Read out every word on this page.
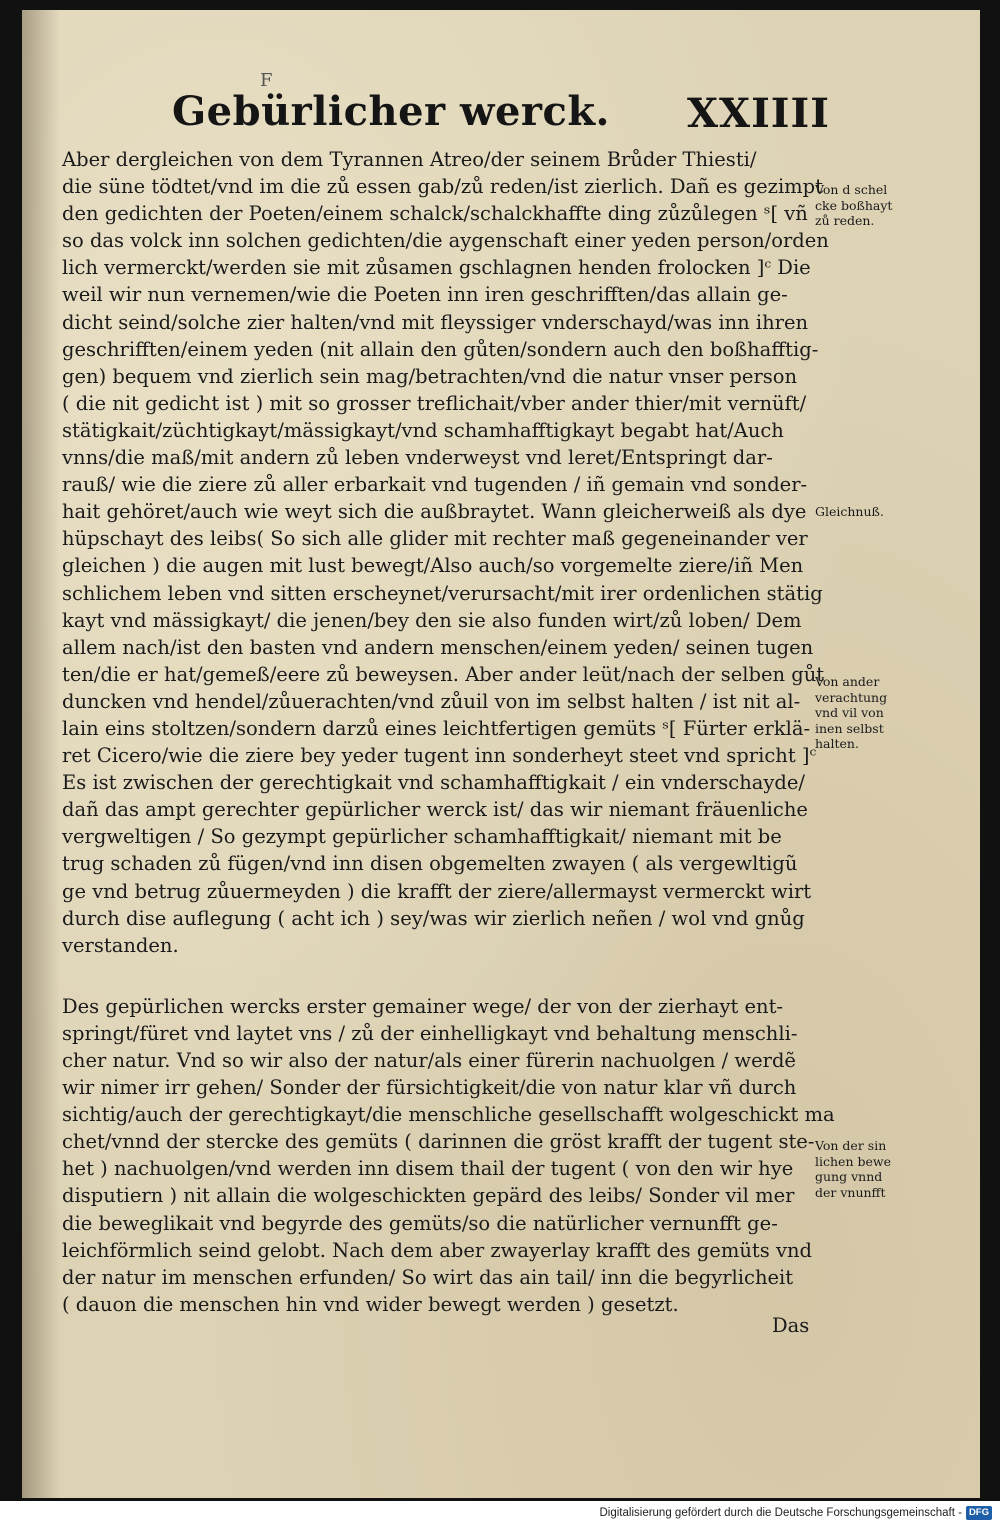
F
Gebürlicher werck. XXIIII
Aber dergleichen von dem Tyrannen Atreo/der seinem Brůder Thiesti/
die süne tödtet/vnd im die zů essen gab/zů reden/ist zierlich. Dañ es gezimpt
den gedichten der Poeten/einem schalck/schalckhaffte ding zůzůlegen ˢ[ vñ
so das volck inn solchen gedichten/die aygenschaft einer yeden person/orden
lich vermerckt/werden sie mit zůsamen gschlagnen henden frolocken ]ᶜ Die
weil wir nun vernemen/wie die Poeten inn iren geschrifften/das allain ge-
dicht seind/solche zier halten/vnd mit fleyssiger vnderschayd/was inn ihren
geschrifften/einem yeden (nit allain den gůten/sondern auch den boßhafftig-
gen) bequem vnd zierlich sein mag/betrachten/vnd die natur vnser person
( die nit gedicht ist ) mit so grosser treflichait/vber ander thier/mit vernüft/
stätigkait/züchtigkayt/mässigkayt/vnd schamhafftigkayt begabt hat/Auch
vnns/die maß/mit andern zů leben vnderweyst vnd leret/Entspringt dar-
rauß/ wie die ziere zů aller erbarkait vnd tugenden / iñ gemain vnd sonder-
hait gehöret/auch wie weyt sich die außbraytet. Wann gleicherweiß als dye
hüpschayt des leibs( So sich alle glider mit rechter maß gegeneinander ver
gleichen ) die augen mit lust bewegt/Also auch/so vorgemelte ziere/iñ Men
schlichem leben vnd sitten erscheynet/verursacht/mit irer ordenlichen stätig
kayt vnd mässigkayt/ die jenen/bey den sie also funden wirt/zů loben/ Dem
allem nach/ist den basten vnd andern menschen/einem yeden/ seinen tugen
ten/die er hat/gemeß/eere zů beweysen. Aber ander leüt/nach der selben gůt
duncken vnd hendel/zůuerachten/vnd zůuil von im selbst halten / ist nit al-
lain eins stoltzen/sondern darzů eines leichtfertigen gemüts ˢ[ Fürter erklä-
ret Cicero/wie die ziere bey yeder tugent inn sonderheyt steet vnd spricht ]ᶜ
Es ist zwischen der gerechtigkait vnd schamhafftigkait / ein vnderschayde/
dañ das ampt gerechter gepürlicher werck ist/ das wir niemant fräuenliche
vergweltigen / So gezympt gepürlicher schamhafftigkait/ niemant mit be
trug schaden zů fügen/vnd inn disen obgemelten zwayen ( als vergewltigũ
ge vnd betrug zůuermeyden ) die krafft der ziere/allermayst vermerckt wirt
durch dise auflegung ( acht ich ) sey/was wir zierlich neñen / wol vnd gnůg
verstanden.
Des gepürlichen wercks erster gemainer wege/ der von der zierhayt ent-
springt/füret vnd laytet vns / zů der einhelligkayt vnd behaltung menschli-
cher natur. Vnd so wir also der natur/als einer fürerin nachuolgen / werdẽ
wir nimer irr gehen/ Sonder der fürsichtigkeit/die von natur klar vñ durch
sichtig/auch der gerechtigkayt/die menschliche gesellschafft wolgeschickt ma
chet/vnnd der stercke des gemüts ( darinnen die gröst krafft der tugent ste-
het ) nachuolgen/vnd werden inn disem thail der tugent ( von den wir hye
disputiern ) nit allain die wolgeschickten gepärd des leibs/ Sonder vil mer
die beweglikait vnd begyrde des gemüts/so die natürlicher vernunfft ge-
leichförmlich seind gelobt. Nach dem aber zwayerlay krafft des gemüts vnd
der natur im menschen erfunden/ So wirt das ain tail/ inn die begyrlicheit
( dauon die menschen hin vnd wider bewegt werden ) gesetzt.
Das
Von d schel
cke boßhayt
zů reden.
Gleichnuß.
Von ander
verachtung
vnd vil von
inen selbst
halten.
Von der sin
lichen bewe
gung vnnd
der vnunfft
Digitalisierung gefördert durch die Deutsche Forschungsgemeinschaft - DFG
